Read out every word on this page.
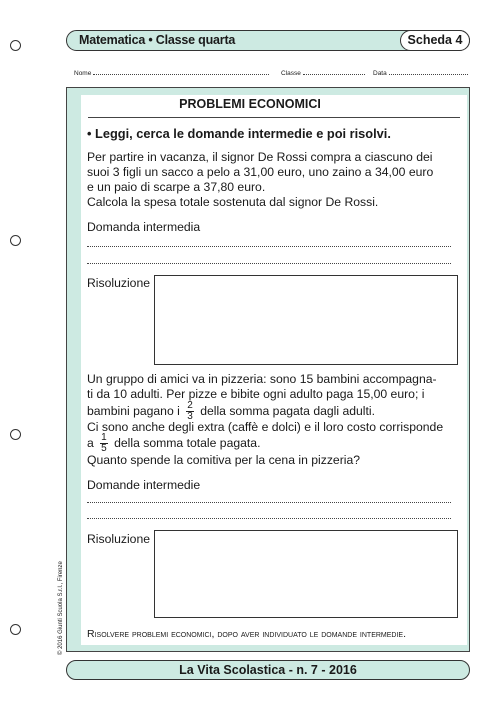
Matematica • Classe quarta	Scheda 4
Nome	Classe	Data
PROBLEMI ECONOMICI
• Leggi, cerca le domande intermedie e poi risolvi.
Per partire in vacanza, il signor De Rossi compra a ciascuno dei
suoi 3 figli un sacco a pelo a 31,00 euro, uno zaino a 34,00 euro
e un paio di scarpe a 37,80 euro.
Calcola la spesa totale sostenuta dal signor De Rossi.
Domanda intermedia
Risoluzione
Un gruppo di amici va in pizzeria: sono 15 bambini accompagna-
ti da 10 adulti. Per pizze e bibite ogni adulto paga 15,00 euro; i
bambini pagano i $\frac{2}{3}$ della somma pagata dagli adulti.
Ci sono anche degli extra (caffè e dolci) e il loro costo corrisponde
a $\frac{1}{5}$ della somma totale pagata.
Quanto spende la comitiva per la cena in pizzeria?
Domande intermedie
Risoluzione
Risolvere problemi economici, dopo aver individuato le domande intermedie.
© 2016 Giunti Scuola S.r.l., Firenze
La Vita Scolastica - n. 7 - 2016
